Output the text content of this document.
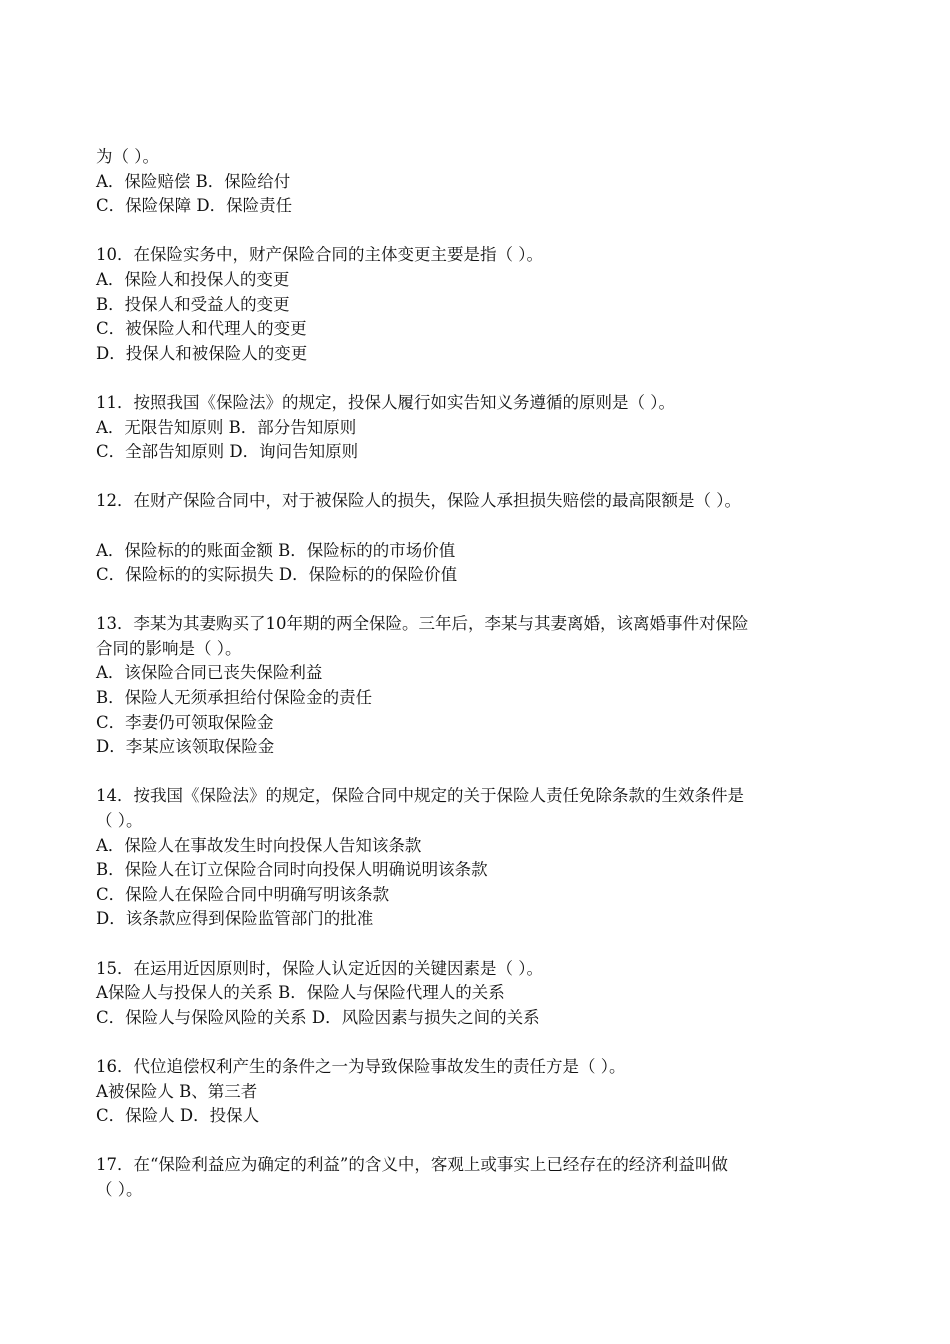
为（ ）。
A．保险赔偿 B．保险给付
C．保险保障 D．保险责任
10．在保险实务中，财产保险合同的主体变更主要是指（ ）。
A．保险人和投保人的变更
B．投保人和受益人的变更
C．被保险人和代理人的变更
D．投保人和被保险人的变更
11．按照我国《保险法》的规定，投保人履行如实告知义务遵循的原则是（ ）。
A．无限告知原则 B．部分告知原则
C．全部告知原则 D．询问告知原则
12．在财产保险合同中，对于被保险人的损失，保险人承担损失赔偿的最高限额是（ ）。
A．保险标的的账面金额 B．保险标的的市场价值
C．保险标的的实际损失 D．保险标的的保险价值
13．李某为其妻购买了10年期的两全保险。三年后，李某与其妻离婚，该离婚事件对保险
合同的影响是（ ）。
A．该保险合同已丧失保险利益
B．保险人无须承担给付保险金的责任
C．李妻仍可领取保险金
D．李某应该领取保险金
14．按我国《保险法》的规定，保险合同中规定的关于保险人责任免除条款的生效条件是
（ ）。
A．保险人在事故发生时向投保人告知该条款
B．保险人在订立保险合同时向投保人明确说明该条款
C．保险人在保险合同中明确写明该条款
D．该条款应得到保险监管部门的批准
15．在运用近因原则时，保险人认定近因的关键因素是（ ）。
A保险人与投保人的关系 B．保险人与保险代理人的关系
C．保险人与保险风险的关系 D．风险因素与损失之间的关系
16．代位追偿权利产生的条件之一为导致保险事故发生的责任方是（ ）。
A被保险人 B、第三者
C．保险人 D．投保人
17．在“保险利益应为确定的利益”的含义中，客观上或事实上已经存在的经济利益叫做
（ ）。
